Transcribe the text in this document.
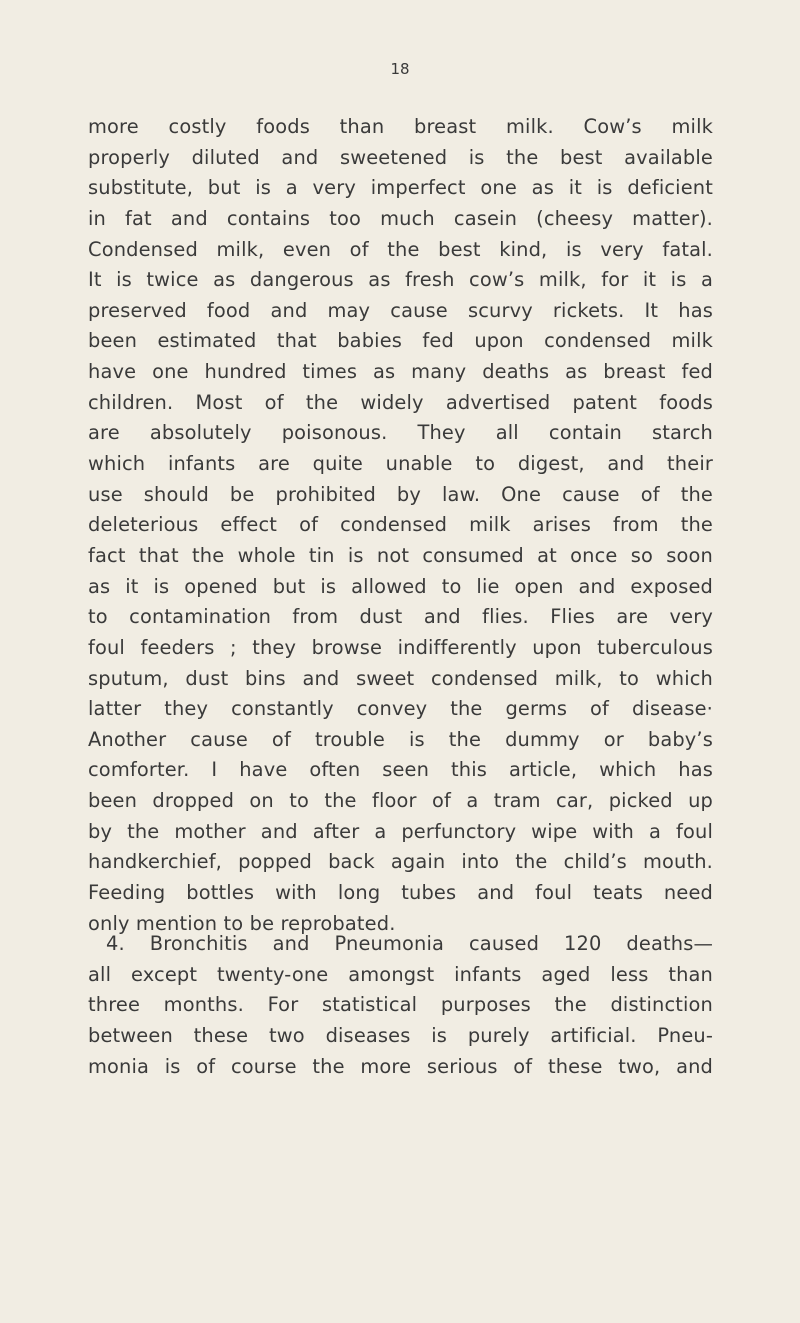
18
more costly foods than breast milk. Cow’s milk
properly diluted and sweetened is the best available
substitute, but is a very imperfect one as it is deficient
in fat and contains too much casein (cheesy matter).
Condensed milk, even of the best kind, is very fatal.
It is twice as dangerous as fresh cow’s milk, for it is a
preserved food and may cause scurvy rickets. It has
been estimated that babies fed upon condensed milk
have one hundred times as many deaths as breast fed
children. Most of the widely advertised patent foods
are absolutely poisonous. They all contain starch
which infants are quite unable to digest, and their
use should be prohibited by law. One cause of the
deleterious effect of condensed milk arises from the
fact that the whole tin is not consumed at once so soon
as it is opened but is allowed to lie open and exposed
to contamination from dust and flies. Flies are very
foul feeders ; they browse indifferently upon tuberculous
sputum, dust bins and sweet condensed milk, to which
latter they constantly convey the germs of disease·
Another cause of trouble is the dummy or baby’s
comforter. I have often seen this article, which has
been dropped on to the floor of a tram car, picked up
by the mother and after a perfunctory wipe with a foul
handkerchief, popped back again into the child’s mouth.
Feeding bottles with long tubes and foul teats need
only mention to be reprobated.
4. Bronchitis and Pneumonia caused 120 deaths—
all except twenty-one amongst infants aged less than
three months. For statistical purposes the distinction
between these two diseases is purely artificial. Pneu-
monia is of course the more serious of these two, and
